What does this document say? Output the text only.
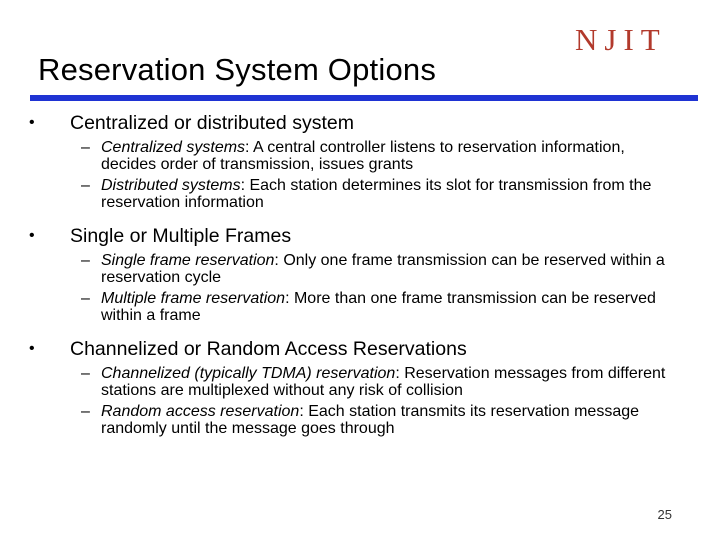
NJIT
Reservation System Options
• Centralized or distributed system
– Centralized systems: A central controller listens to reservation information, decides order of transmission, issues grants
– Distributed systems: Each station determines its slot for transmission from the reservation information
• Single or Multiple Frames
– Single frame reservation: Only one frame transmission can be reserved within a reservation cycle
– Multiple frame reservation: More than one frame transmission can be reserved within a frame
• Channelized or Random Access Reservations
– Channelized (typically TDMA) reservation: Reservation messages from different stations are multiplexed without any risk of collision
– Random access reservation: Each station transmits its reservation message randomly until the message goes through
25
